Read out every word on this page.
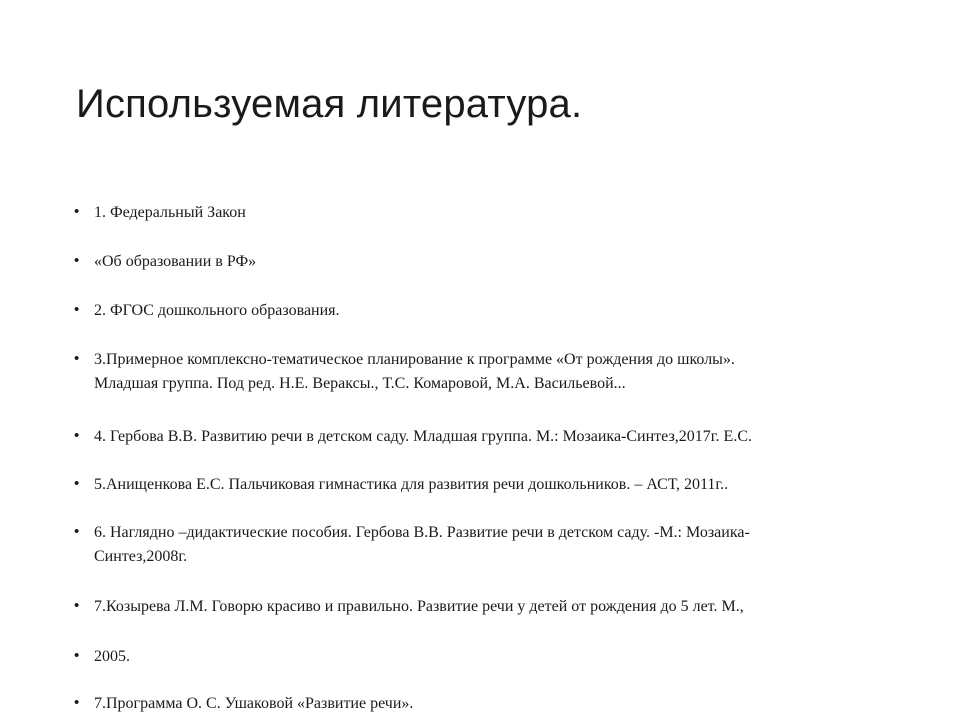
Используемая литература.
• 1. Федеральный Закон
• «Об образовании в РФ»
• 2. ФГОС дошкольного образования.
• 3.Примерное комплексно-тематическое планирование к программе «От рождения до школы».
Младшая группа. Под ред. Н.Е. Вераксы., Т.С. Комаровой, М.А. Васильевой...
• 4. Гербова В.В. Развитию речи в детском саду. Младшая группа. М.: Мозаика-Синтез,2017г. Е.С.
• 5.Анищенкова Е.С. Пальчиковая гимнастика для развития речи дошкольников. – АСТ, 2011г..
• 6. Наглядно –дидактические пособия. Гербова В.В. Развитие речи в детском саду. -М.: Мозаика-
Синтез,2008г.
• 7.Козырева Л.М. Говорю красиво и правильно. Развитие речи у детей от рождения до 5 лет. М.,
• 2005.
• 7.Программа О. С. Ушаковой «Развитие речи».
